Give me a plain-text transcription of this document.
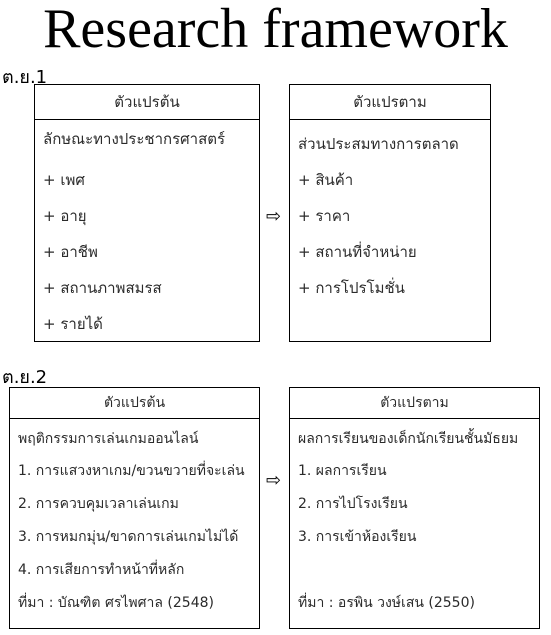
Research framework
ต.ย.1
ตัวแปรต้น
ลักษณะทางประชากรศาสตร์
+ เพศ
+ อายุ
+ อาชีพ
+ สถานภาพสมรส
+ รายได้
⇨
ตัวแปรตาม
ส่วนประสมทางการตลาด
+ สินค้า
+ ราคา
+ สถานที่จำหน่าย
+ การโปรโมชั่น
ต.ย.2
ตัวแปรต้น
พฤติกรรมการเล่นเกมออนไลน์
1. การแสวงหาเกม/ขวนขวายที่จะเล่น
2. การควบคุมเวลาเล่นเกม
3. การหมกมุ่น/ขาดการเล่นเกมไม่ได้
4. การเสียการทำหน้าที่หลัก
ที่มา : บัณฑิต ศรไพศาล (2548)
⇨
ตัวแปรตาม
ผลการเรียนของเด็กนักเรียนชั้นมัธยม
1. ผลการเรียน
2. การไปโรงเรียน
3. การเข้าห้องเรียน
ที่มา : อรพิน วงษ์เสน (2550)
